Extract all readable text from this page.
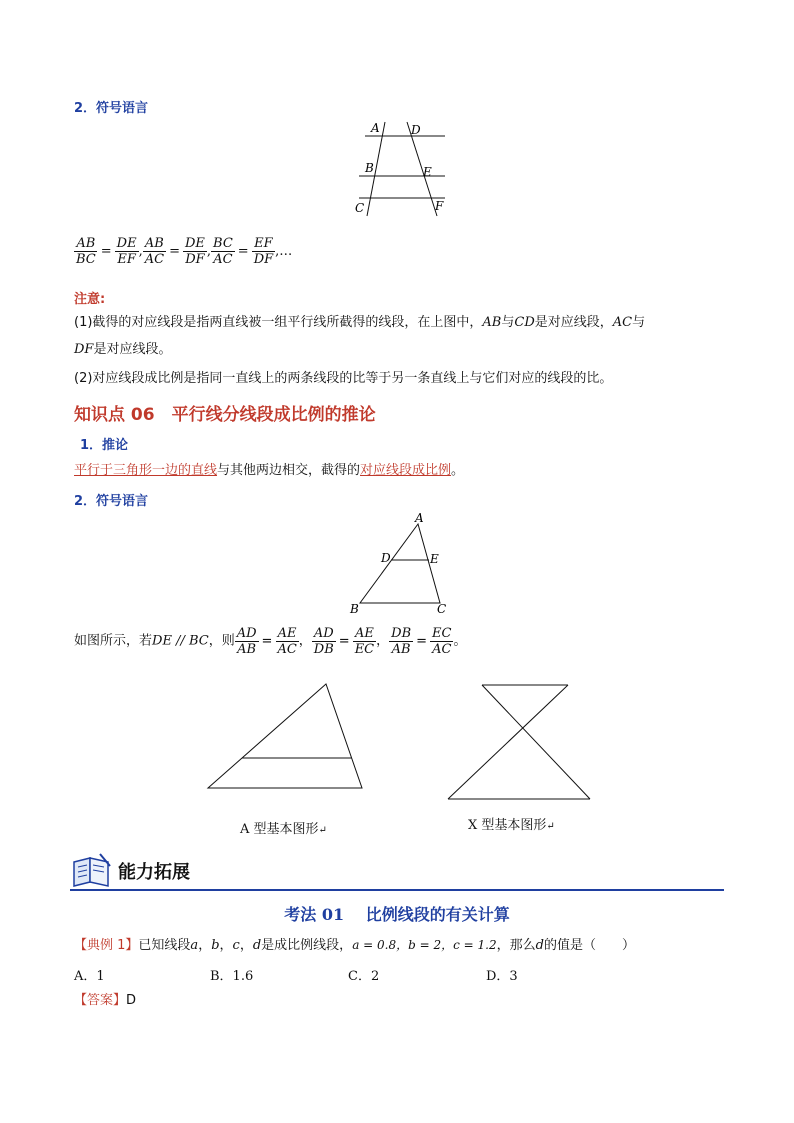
2．符号语言
A	D
B	E
C	F
$\frac{AB}{BC} = \frac{DE}{EF}$ , $\frac{AB}{AC} = \frac{DE}{DF}$ , $\frac{BC}{AC} = \frac{EF}{DF}$ ,…
注意:
(1)截得的对应线段是指两直线被一组平行线所截得的线段，在上图中，AB与CD是对应线段，AC与
DF是对应线段。
(2)对应线段成比例是指同一直线上的两条线段的比等于另一条直线上与它们对应的线段的比。
知识点 06　平行线分线段成比例的推论
1．推论
平行于三角形一边的直线与其他两边相交，截得的对应线段成比例。
2．符号语言
A
D	E
B	C
如图所示，若DE // BC，则 $\frac{AD}{AB} = \frac{AE}{AC}$ ， $\frac{AD}{DB} = \frac{AE}{EC}$ ， $\frac{DB}{AB} = \frac{EC}{AC}$ 。
A 型基本图形↵	X 型基本图形↵
能力拓展
考法 01　 比例线段的有关计算
【典例 1】已知线段a，b，c，d是成比例线段，a = 0.8，b = 2，c = 1.2，那么d的值是（　　）
A．1	B．1.6	C．2	D．3
【答案】D
